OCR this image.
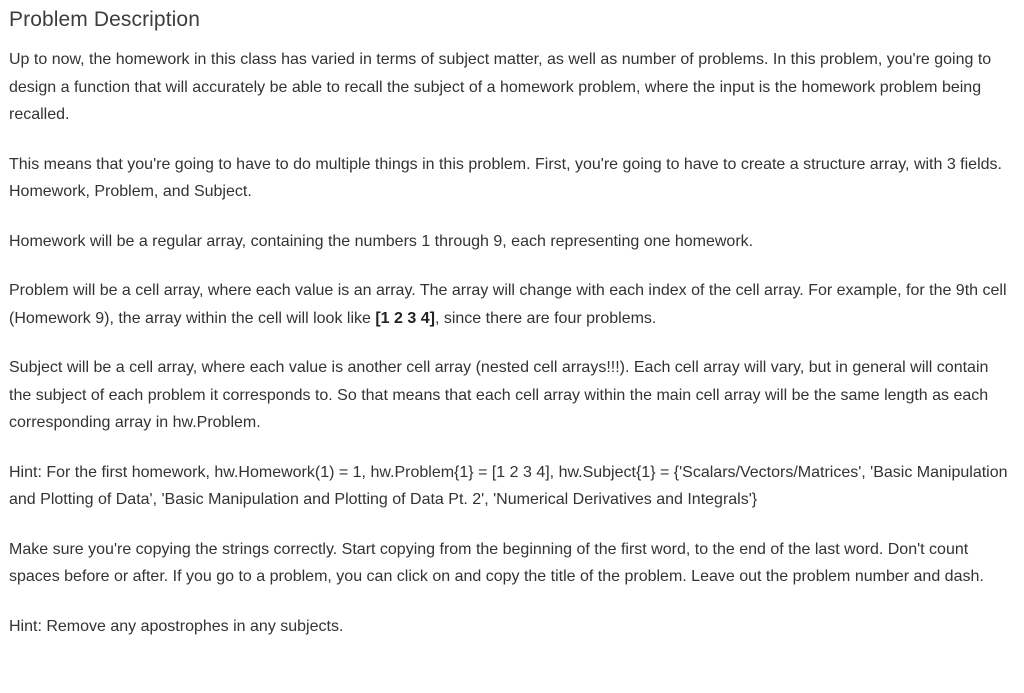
Problem Description

Up to now, the homework in this class has varied in terms of subject matter, as well as number of problems. In this problem, you're going to design a function that will accurately be able to recall the subject of a homework problem, where the input is the homework problem being recalled.

This means that you're going to have to do multiple things in this problem. First, you're going to have to create a structure array, with 3 fields. Homework, Problem, and Subject.

Homework will be a regular array, containing the numbers 1 through 9, each representing one homework.

Problem will be a cell array, where each value is an array. The array will change with each index of the cell array. For example, for the 9th cell (Homework 9), the array within the cell will look like [1 2 3 4], since there are four problems.

Subject will be a cell array, where each value is another cell array (nested cell arrays!!!). Each cell array will vary, but in general will contain the subject of each problem it corresponds to. So that means that each cell array within the main cell array will be the same length as each corresponding array in hw.Problem.

Hint: For the first homework, hw.Homework(1) = 1, hw.Problem{1} = [1 2 3 4], hw.Subject{1} = {'Scalars/Vectors/Matrices', 'Basic Manipulation and Plotting of Data', 'Basic Manipulation and Plotting of Data Pt. 2', 'Numerical Derivatives and Integrals'}

Make sure you're copying the strings correctly. Start copying from the beginning of the first word, to the end of the last word. Don't count spaces before or after. If you go to a problem, you can click on and copy the title of the problem. Leave out the problem number and dash.

Hint: Remove any apostrophes in any subjects.
